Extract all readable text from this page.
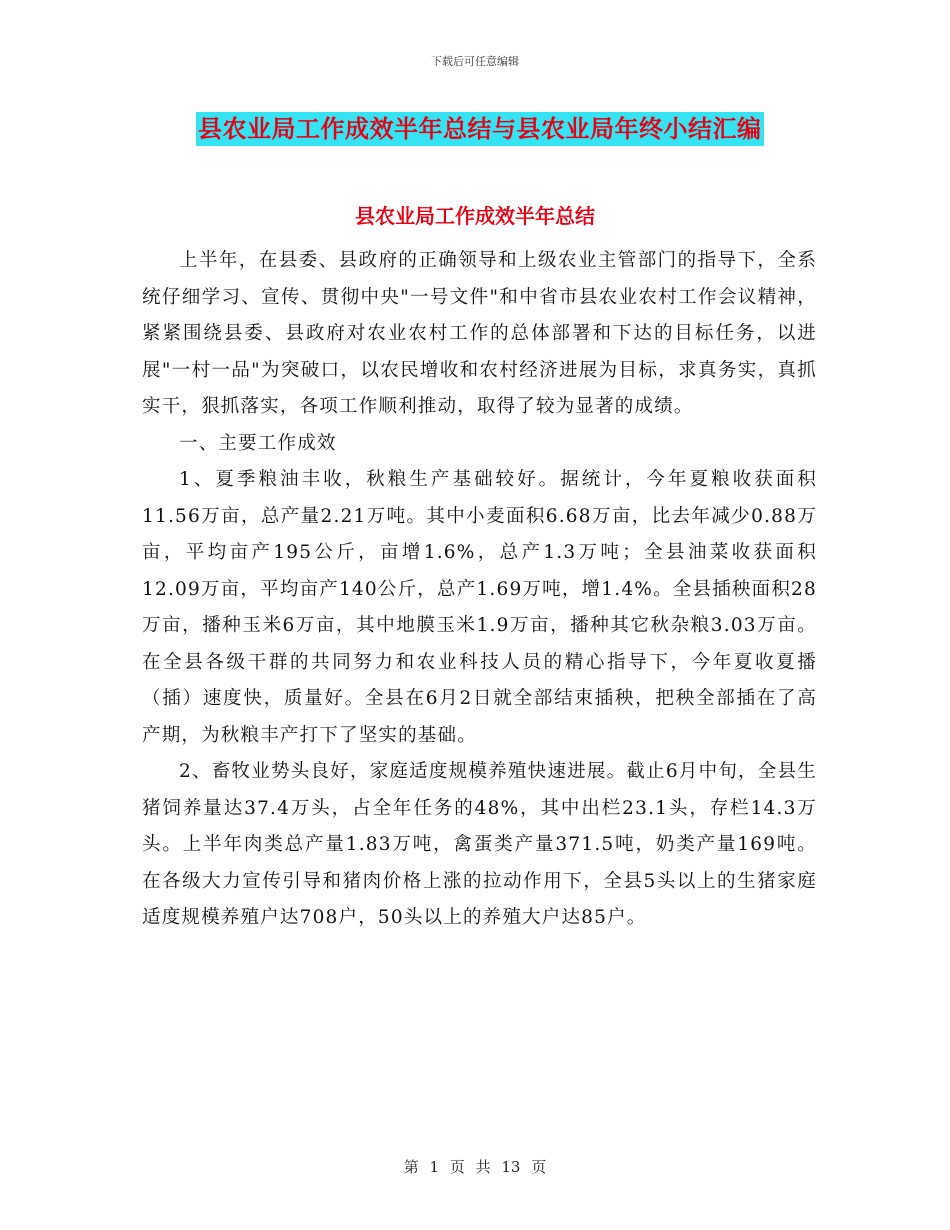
下载后可任意编辑
县农业局工作成效半年总结与县农业局年终小结汇编
县农业局工作成效半年总结

上半年，在县委、县政府的正确领导和上级农业主管部门的指导下，全系统仔细学习、宣传、贯彻中央"一号文件"和中省市县农业农村工作会议精神，紧紧围绕县委、县政府对农业农村工作的总体部署和下达的目标任务，以进展"一村一品"为突破口，以农民增收和农村经济进展为目标，求真务实，真抓实干，狠抓落实，各项工作顺利推动，取得了较为显著的成绩。

一、主要工作成效

1、夏季粮油丰收，秋粮生产基础较好。据统计，今年夏粮收获面积11.56万亩，总产量2.21万吨。其中小麦面积6.68万亩，比去年减少0.88万亩，平均亩产195公斤，亩增1.6%，总产1.3万吨；全县油菜收获面积12.09万亩，平均亩产140公斤，总产1.69万吨，增1.4%。全县插秧面积28万亩，播种玉米6万亩，其中地膜玉米1.9万亩，播种其它秋杂粮3.03万亩。在全县各级干群的共同努力和农业科技人员的精心指导下，今年夏收夏播（插）速度快，质量好。全县在6月2日就全部结束插秧，把秧全部插在了高产期，为秋粮丰产打下了坚实的基础。

2、畜牧业势头良好，家庭适度规模养殖快速进展。截止6月中旬，全县生猪饲养量达37.4万头，占全年任务的48%，其中出栏23.1头，存栏14.3万头。上半年肉类总产量1.83万吨，禽蛋类产量371.5吨，奶类产量169吨。在各级大力宣传引导和猪肉价格上涨的拉动作用下，全县5头以上的生猪家庭适度规模养殖户达708户，50头以上的养殖大户达85户。

第 1 页 共 13 页
